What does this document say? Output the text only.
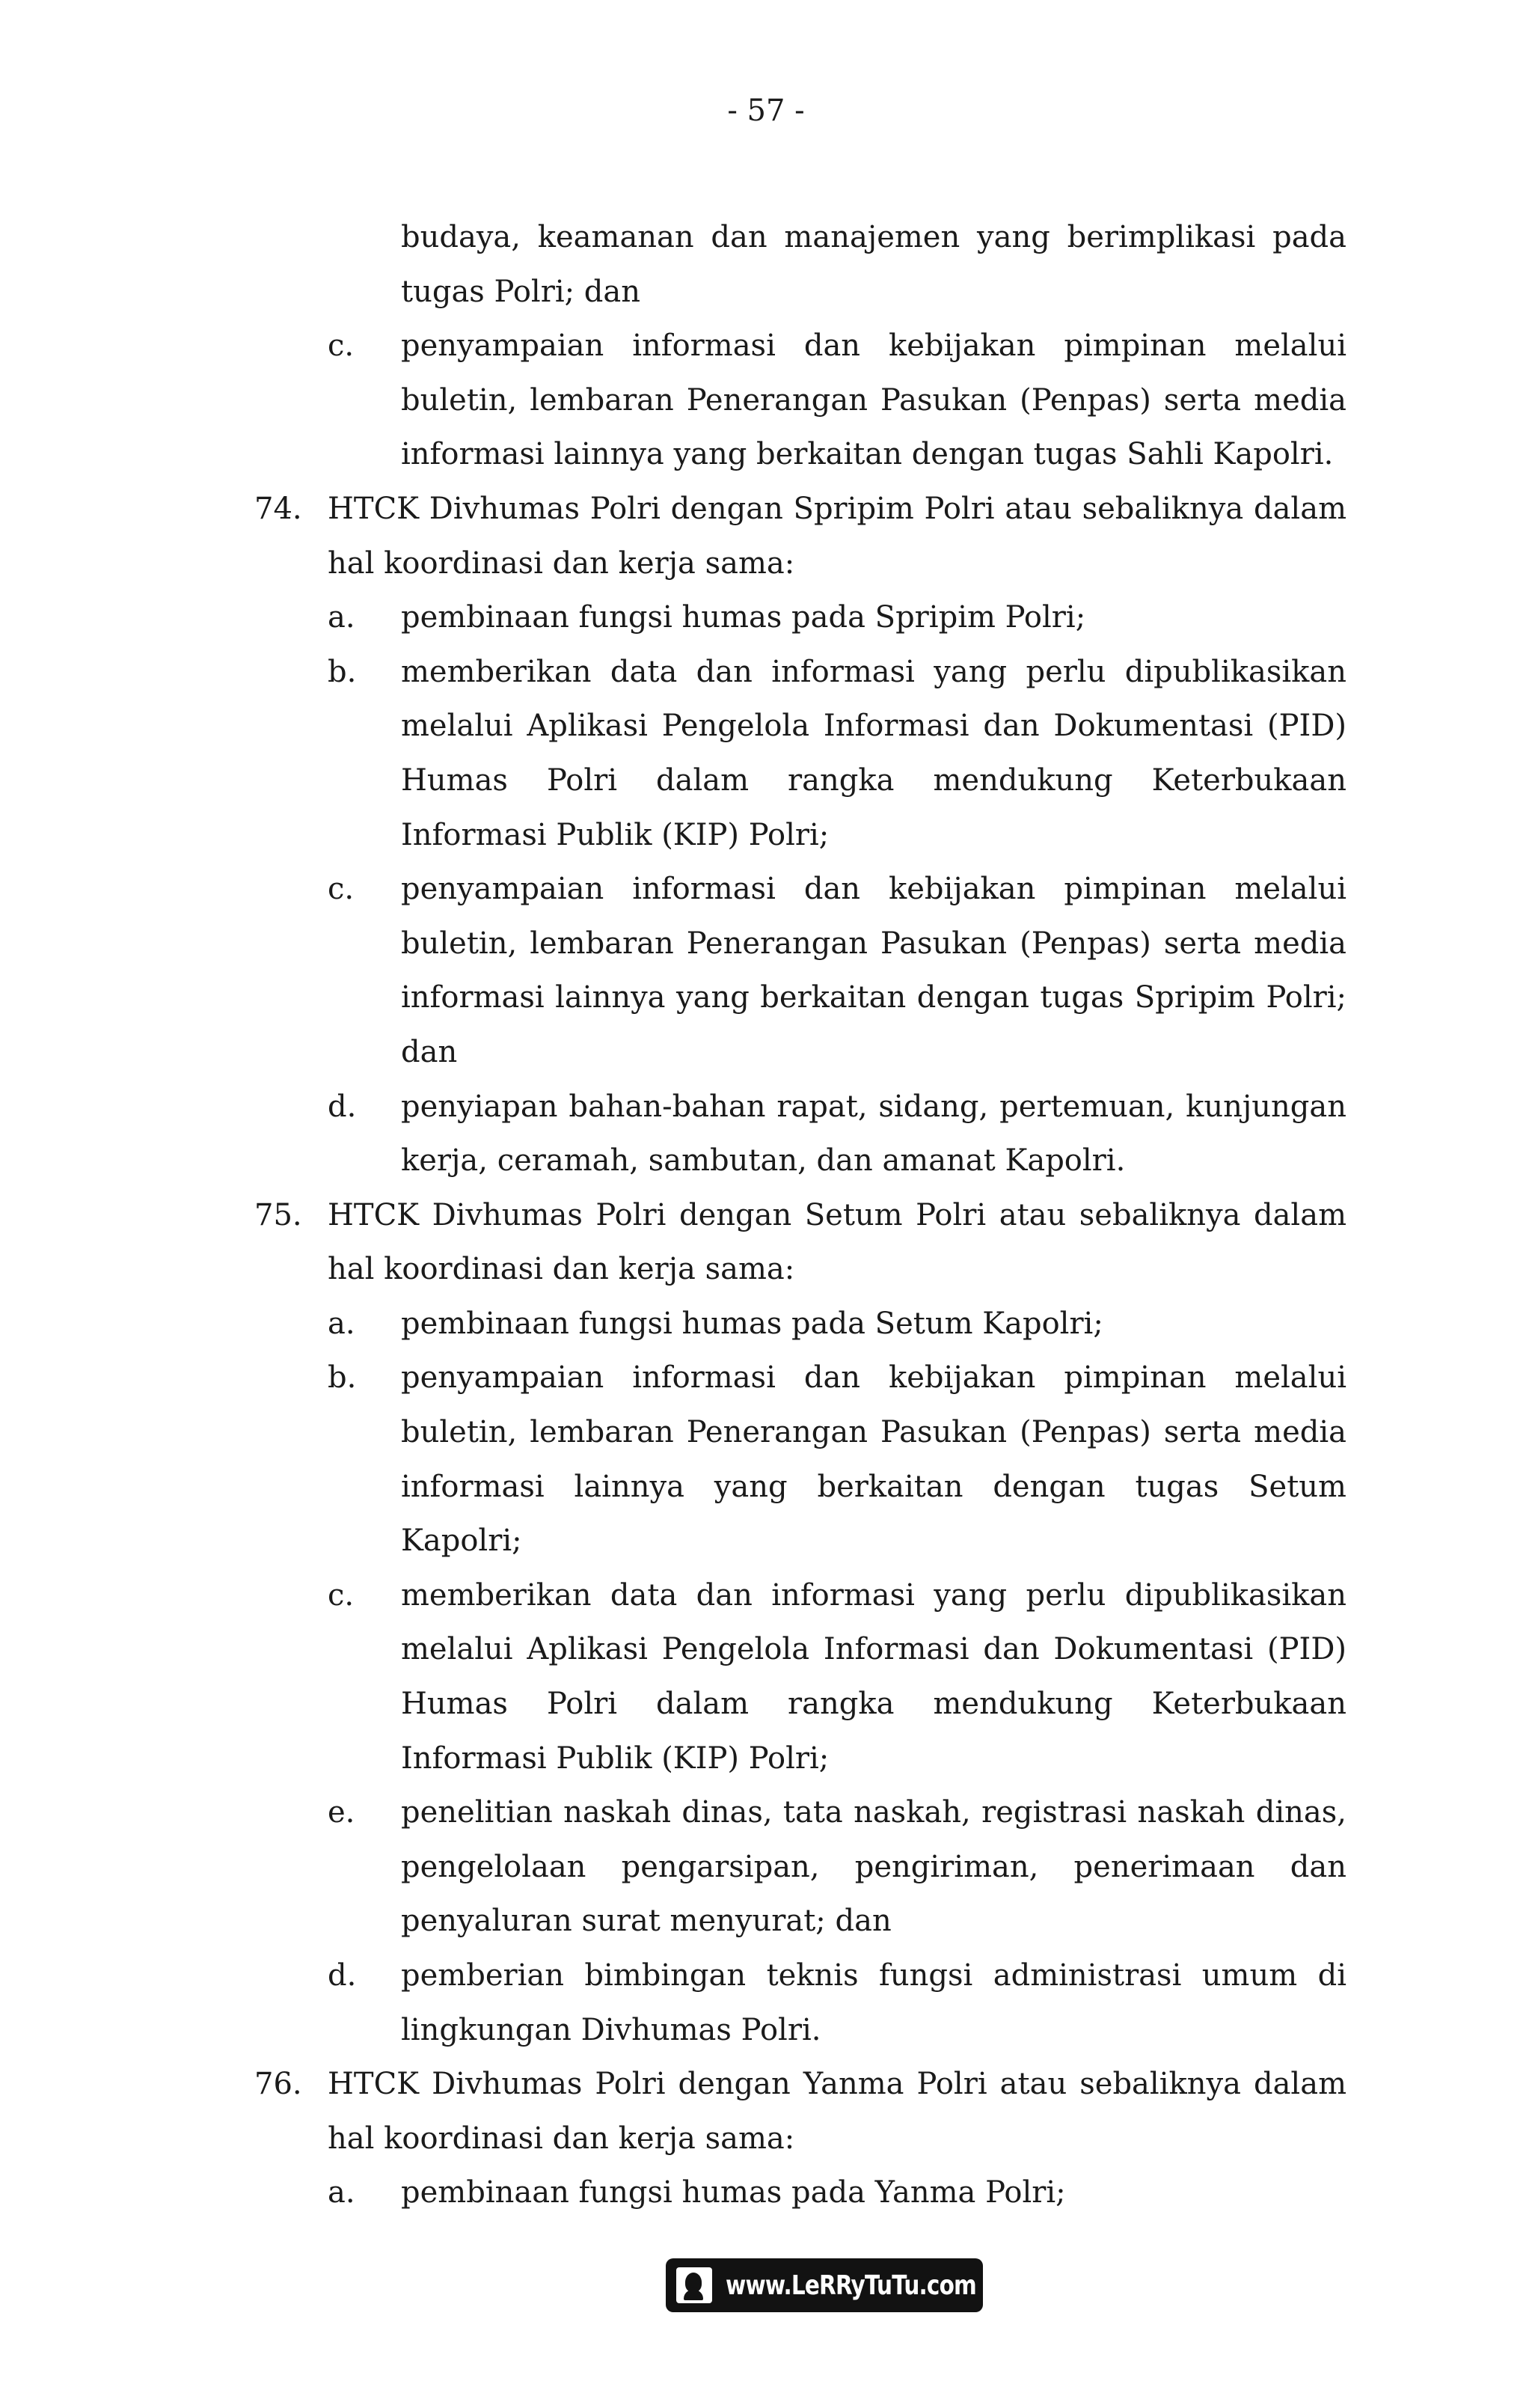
- 57 -
budaya, keamanan dan manajemen yang berimplikasi pada tugas Polri; dan
c. penyampaian informasi dan kebijakan pimpinan melalui buletin, lembaran Penerangan Pasukan (Penpas) serta media informasi lainnya yang berkaitan dengan tugas Sahli Kapolri.
74. HTCK Divhumas Polri dengan Spripim Polri atau sebaliknya dalam hal koordinasi dan kerja sama:
a. pembinaan fungsi humas pada Spripim Polri;
b. memberikan data dan informasi yang perlu dipublikasikan melalui Aplikasi Pengelola Informasi dan Dokumentasi (PID) Humas Polri dalam rangka mendukung Keterbukaan Informasi Publik (KIP) Polri;
c. penyampaian informasi dan kebijakan pimpinan melalui buletin, lembaran Penerangan Pasukan (Penpas) serta media informasi lainnya yang berkaitan dengan tugas Spripim Polri; dan
d. penyiapan bahan-bahan rapat, sidang, pertemuan, kunjungan kerja, ceramah, sambutan, dan amanat Kapolri.
75. HTCK Divhumas Polri dengan Setum Polri atau sebaliknya dalam hal koordinasi dan kerja sama:
a. pembinaan fungsi humas pada Setum Kapolri;
b. penyampaian informasi dan kebijakan pimpinan melalui buletin, lembaran Penerangan Pasukan (Penpas) serta media informasi lainnya yang berkaitan dengan tugas Setum Kapolri;
c. memberikan data dan informasi yang perlu dipublikasikan melalui Aplikasi Pengelola Informasi dan Dokumentasi (PID) Humas Polri dalam rangka mendukung Keterbukaan Informasi Publik (KIP) Polri;
e. penelitian naskah dinas, tata naskah, registrasi naskah dinas, pengelolaan pengarsipan, pengiriman, penerimaan dan penyaluran surat menyurat; dan
d. pemberian bimbingan teknis fungsi administrasi umum di lingkungan Divhumas Polri.
76. HTCK Divhumas Polri dengan Yanma Polri atau sebaliknya dalam hal koordinasi dan kerja sama:
a. pembinaan fungsi humas pada Yanma Polri;
www.LeRRyTuTu.com
